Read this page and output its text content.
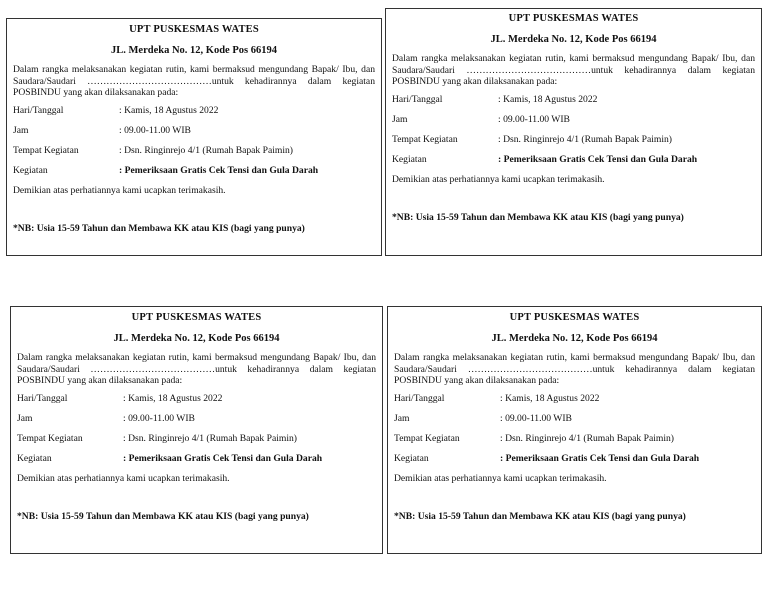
UPT PUSKESMAS WATES

JL. Merdeka No. 12, Kode Pos 66194

Dalam rangka melaksanakan kegiatan rutin, kami bermaksud mengundang Bapak/ Ibu, dan Saudara/Saudari …………………………………untuk kehadirannya dalam kegiatan POSBINDU yang akan dilaksanakan pada:

Hari/Tanggal	: Kamis, 18 Agustus 2022
Jam	: 09.00-11.00 WIB
Tempat Kegiatan	: Dsn. Ringinrejo 4/1 (Rumah Bapak Paimin)
Kegiatan	: Pemeriksaan Gratis Cek Tensi dan Gula Darah

Demikian atas perhatiannya kami ucapkan terimakasih.

*NB: Usia 15-59 Tahun dan Membawa KK atau KIS (bagi yang punya)

UPT PUSKESMAS WATES

JL. Merdeka No. 12, Kode Pos 66194

Dalam rangka melaksanakan kegiatan rutin, kami bermaksud mengundang Bapak/ Ibu, dan Saudara/Saudari …………………………………untuk kehadirannya dalam kegiatan POSBINDU yang akan dilaksanakan pada:

Hari/Tanggal	: Kamis, 18 Agustus 2022
Jam	: 09.00-11.00 WIB
Tempat Kegiatan	: Dsn. Ringinrejo 4/1 (Rumah Bapak Paimin)
Kegiatan	: Pemeriksaan Gratis Cek Tensi dan Gula Darah

Demikian atas perhatiannya kami ucapkan terimakasih.

*NB: Usia 15-59 Tahun dan Membawa KK atau KIS (bagi yang punya)

UPT PUSKESMAS WATES

JL. Merdeka No. 12, Kode Pos 66194

Dalam rangka melaksanakan kegiatan rutin, kami bermaksud mengundang Bapak/ Ibu, dan Saudara/Saudari …………………………………untuk kehadirannya dalam kegiatan POSBINDU yang akan dilaksanakan pada:

Hari/Tanggal	: Kamis, 18 Agustus 2022
Jam	: 09.00-11.00 WIB
Tempat Kegiatan	: Dsn. Ringinrejo 4/1 (Rumah Bapak Paimin)
Kegiatan	: Pemeriksaan Gratis Cek Tensi dan Gula Darah

Demikian atas perhatiannya kami ucapkan terimakasih.

*NB: Usia 15-59 Tahun dan Membawa KK atau KIS (bagi yang punya)

UPT PUSKESMAS WATES

JL. Merdeka No. 12, Kode Pos 66194

Dalam rangka melaksanakan kegiatan rutin, kami bermaksud mengundang Bapak/ Ibu, dan Saudara/Saudari …………………………………untuk kehadirannya dalam kegiatan POSBINDU yang akan dilaksanakan pada:

Hari/Tanggal	: Kamis, 18 Agustus 2022
Jam	: 09.00-11.00 WIB
Tempat Kegiatan	: Dsn. Ringinrejo 4/1 (Rumah Bapak Paimin)
Kegiatan	: Pemeriksaan Gratis Cek Tensi dan Gula Darah

Demikian atas perhatiannya kami ucapkan terimakasih.

*NB: Usia 15-59 Tahun dan Membawa KK atau KIS (bagi yang punya)
